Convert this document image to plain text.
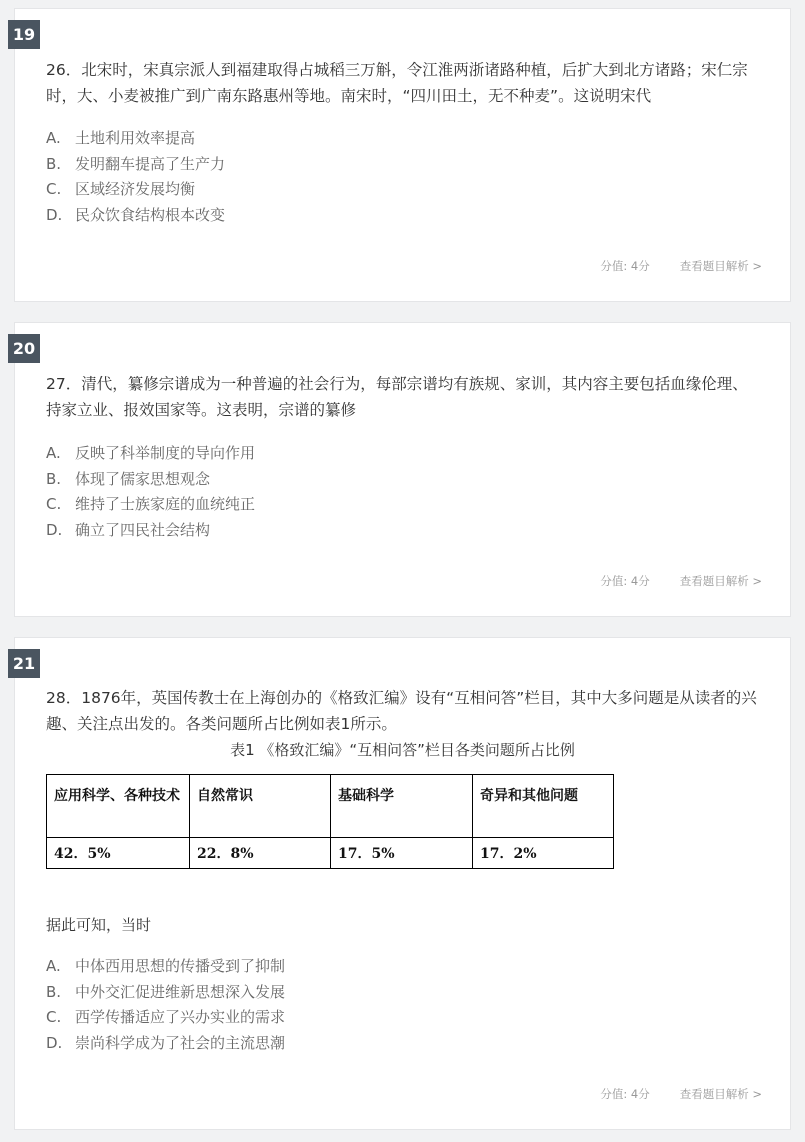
19
26．北宋时，宋真宗派人到福建取得占城稻三万斛，令江淮两浙诸路种植，后扩大到北方诸路；宋仁宗时，大、小麦被推广到广南东路惠州等地。南宋时，“四川田土，无不种麦”。这说明宋代
A. 土地利用效率提高
B. 发明翻车提高了生产力
C. 区域经济发展均衡
D. 民众饮食结构根本改变
分值: 4分	查看题目解析 >
20
27．清代，纂修宗谱成为一种普遍的社会行为，每部宗谱均有族规、家训，其内容主要包括血缘伦理、持家立业、报效国家等。这表明，宗谱的纂修
A. 反映了科举制度的导向作用
B. 体现了儒家思想观念
C. 维持了士族家庭的血统纯正
D. 确立了四民社会结构
分值: 4分	查看题目解析 >
21
28．1876年，英国传教士在上海创办的《格致汇编》设有“互相问答”栏目，其中大多问题是从读者的兴趣、关注点出发的。各类问题所占比例如表1所示。
表1 《格致汇编》“互相问答”栏目各类问题所占比例
应用科学、各种技术	自然常识	基础科学	奇异和其他问题
42．5%	22．8%	17．5%	17．2%
据此可知，当时
A. 中体西用思想的传播受到了抑制
B. 中外交汇促进维新思想深入发展
C. 西学传播适应了兴办实业的需求
D. 崇尚科学成为了社会的主流思潮
分值: 4分	查看题目解析 >
